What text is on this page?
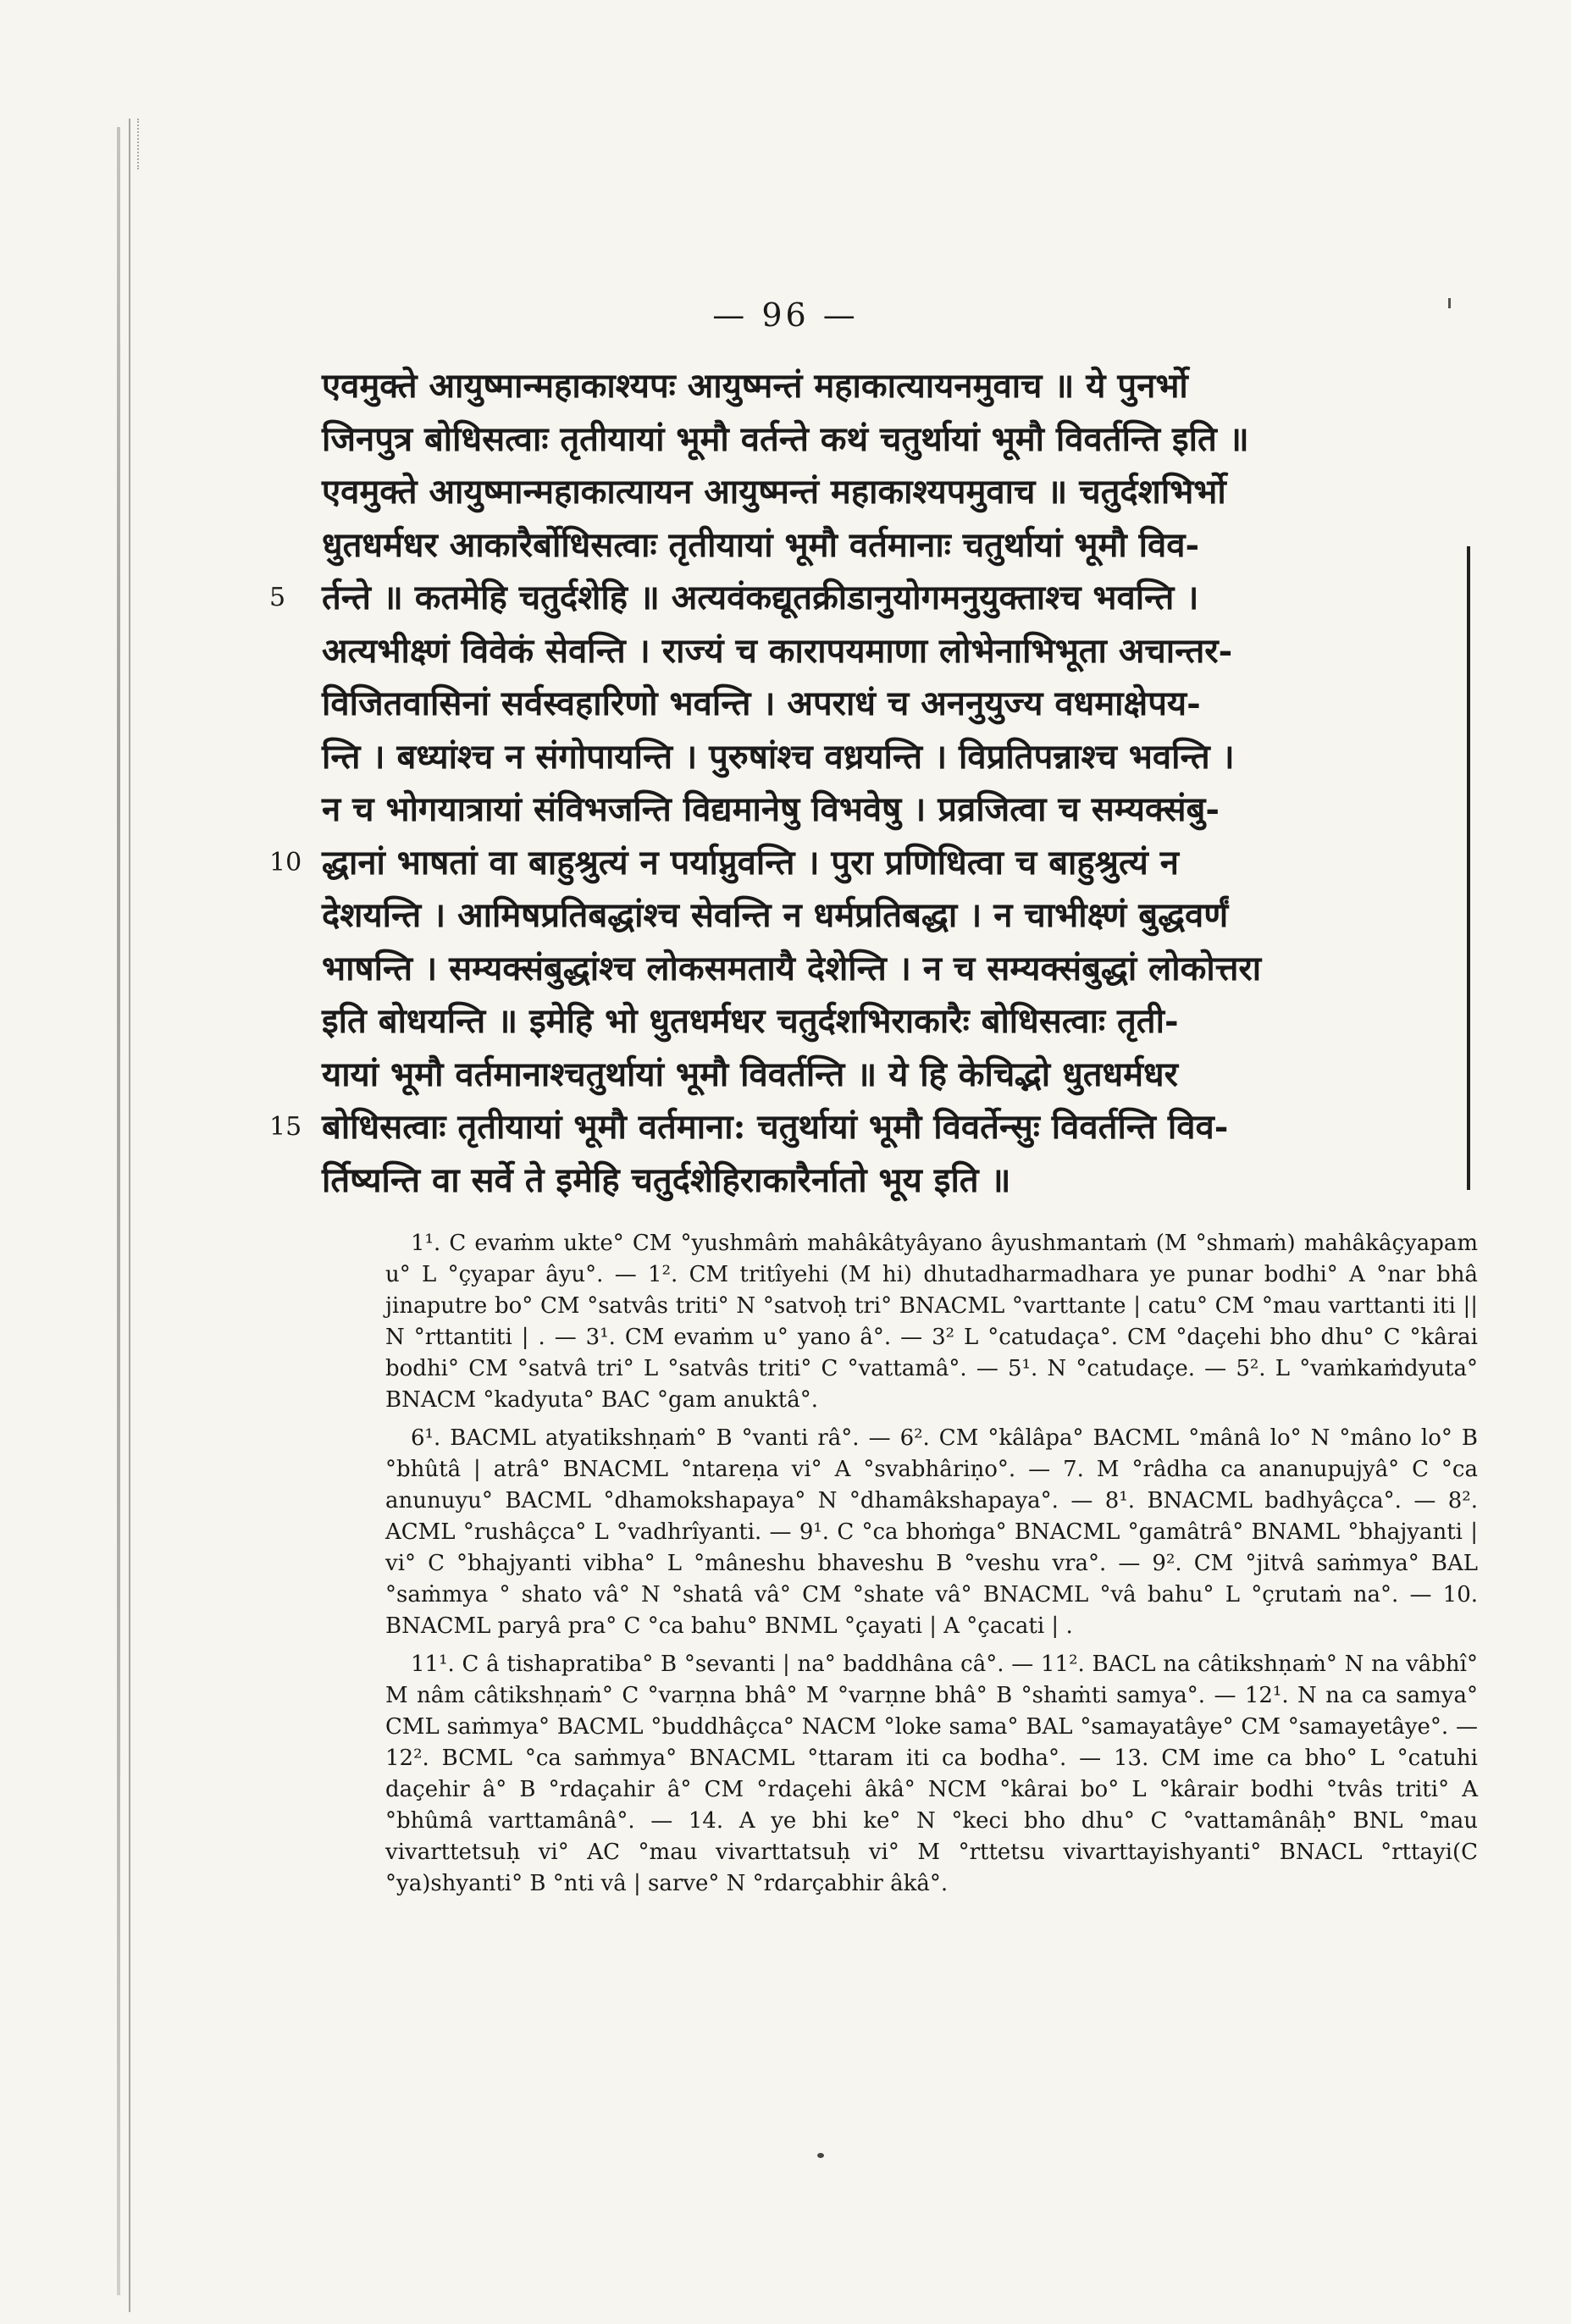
— 96 —
एवमुक्ते आयुष्मान्महाकाश्यपः आयुष्मन्तं महाकात्यायनमुवाच ॥ ये पुनर्भो
जिनपुत्र बोधिसत्वाः तृतीयायां भूमौ वर्तन्ते कथं चतुर्थायां भूमौ विवर्तन्ति इति ॥
एवमुक्ते आयुष्मान्महाकात्यायन आयुष्मन्तं महाकाश्यपमुवाच ॥ चतुर्दशभिर्भो
धुतधर्मधर आकारैर्बोधिसत्वाः तृतीयायां भूमौ वर्तमानाः चतुर्थायां भूमौ विव-
5 र्तन्ते ॥ कतमेहि चतुर्दशेहि ॥ अत्यवंकद्यूतक्रीडानुयोगमनुयुक्ताश्च भवन्ति ।
अत्यभीक्ष्णं विवेकं सेवन्ति । राज्यं च कारापयमाणा लोभेनाभिभूता अचान्तर-
विजितवासिनां सर्वस्वहारिणो भवन्ति । अपराधं च अननुयुज्य वधमाक्षेपय-
न्ति । बध्यांश्च न संगोपायन्ति । पुरुषांश्च वध्रयन्ति । विप्रतिपन्नाश्च भवन्ति ।
न च भोगयात्रायां संविभजन्ति विद्यमानेषु विभवेषु । प्रव्रजित्वा च सम्यक्संबु-
10 द्धानां भाषतां वा बाहुश्रुत्यं न पर्याप्नुवन्ति । पुरा प्रणिधित्वा च बाहुश्रुत्यं न
देशयन्ति । आमिषप्रतिबद्धांश्च सेवन्ति न धर्मप्रतिबद्धा । न चाभीक्ष्णं बुद्धवर्णं
भाषन्ति । सम्यक्संबुद्धांश्च लोकसमतायै देशेन्ति । न च सम्यक्संबुद्धां लोकोत्तरा
इति बोधयन्ति ॥ इमेहि भो धुतधर्मधर चतुर्दशभिराकारैः बोधिसत्वाः तृती-
यायां भूमौ वर्तमानाश्चतुर्थायां भूमौ विवर्तन्ति ॥ ये हि केचिद्भो धुतधर्मधर
15 बोधिसत्वाः तृतीयायां भूमौ वर्तमाना: चतुर्थायां भूमौ विवर्तेन्सुः विवर्तन्ति विव-
र्तिष्यन्ति वा सर्वे ते इमेहि चतुर्दशेहिराकारैर्नातो भूय इति ॥

1¹. C evaṁm ukte° CM °yushmâṁ mahâkâtyâyano âyushmantaṁ (M °shmaṁ) mahâkâçyapam u° L °çyapar âyu°. — 1². CM tritîyehi (M hi) dhutadharmadhara ye punar bodhi° A °nar bhâ jinaputre bo° CM °satvâs triti° N °satvoḥ tri° BNACML °varttante | catu° CM °mau varttanti iti || N °rttantiti | . — 3¹. CM evaṁm u° yano â°. — 3² L °catudaça°. CM °daçehi bho dhu° C °kârai bodhi° CM °satvâ tri° L °satvâs triti° C °vattamâ°. — 5¹. N °catudaçe. — 5². L °vaṁkaṁdyuta° BNACM °kadyuta° BAC °gam anuktâ°.

6¹. BACML atyatikshṇaṁ° B °vanti râ°. — 6². CM °kâlâpa° BACML °mânâ lo° N °mâno lo° B °bhûtâ | atrâ° BNACML °ntareṇa vi° A °svabhâriṇo°. — 7. M °râdha ca ananupujyâ° C °ca anunuyu° BACML °dhamokshapaya° N °dhamâkshapaya°. — 8¹. BNACML badhyâçca°. — 8². ACML °rushâçca° L °vadhrîyanti. — 9¹. C °ca bhoṁga° BNACML °gamâtrâ° BNAML °bhajyanti | vi° C °bhajyanti vibha° L °mâneshu bhaveshu B °veshu vra°. — 9². CM °jitvâ saṁmya° BAL °saṁmya ° shato vâ° N °shatâ vâ° CM °shate vâ° BNACML °vâ bahu° L °çrutaṁ na°. — 10. BNACML paryâ pra° C °ca bahu° BNML °çayati | A °çacati | .

11¹. C â tishapratiba° B °sevanti | na° baddhâna câ°. — 11². BACL na câtikshṇaṁ° N na vâbhî° M nâm câtikshṇaṁ° C °varṇna bhâ° M °varṇne bhâ° B °shaṁti samya°. — 12¹. N na ca samya° CML saṁmya° BACML °buddhâçca° NACM °loke sama° BAL °samayatâye° CM °samayetâye°. — 12². BCML °ca saṁmya° BNACML °ttaram iti ca bodha°. — 13. CM ime ca bho° L °catuhi daçehir â° B °rdaçahir â° CM °rdaçehi âkâ° NCM °kârai bo° L °kârair bodhi °tvâs triti° A °bhûmâ varttamânâ°. — 14. A ye bhi ke° N °keci bho dhu° C °vattamânâḥ° BNL °mau vivarttetsuḥ vi° AC °mau vivarttatsuḥ vi° M °rttetsu vivarttayishyanti° BNACL °rttayi(C °ya)shyanti° B °nti vâ | sarve° N °rdarçabhir âkâ°.
